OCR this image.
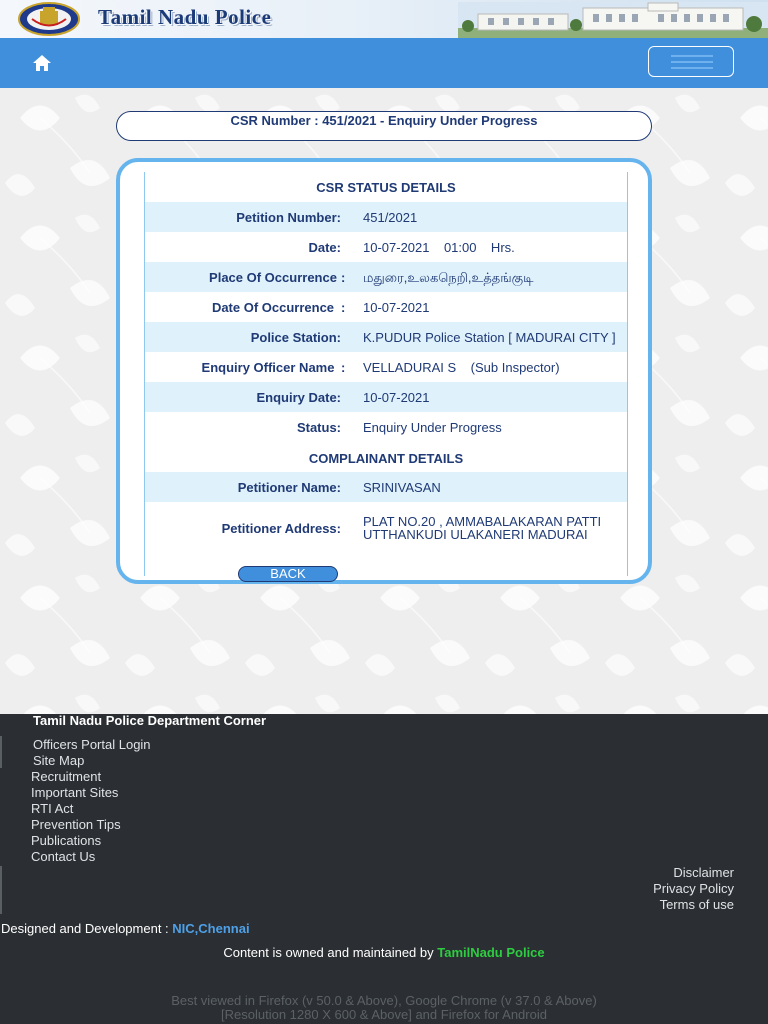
Tamil Nadu Police
CSR Number : 451/2021 - Enquiry Under Progress
CSR STATUS DETAILS
Petition Number: 451/2021
Date: 10-07-2021    01:00    Hrs.
Place Of Occurrence : மதுரை,உலகநெறி,உத்தங்குடி
Date Of Occurrence : 10-07-2021
Police Station: K.PUDUR Police Station [ MADURAI CITY ]
Enquiry Officer Name : VELLADURAI S    (Sub Inspector)
Enquiry Date: 10-07-2021
Status: Enquiry Under Progress
COMPLAINANT DETAILS
Petitioner Name: SRINIVASAN
Petitioner Address: PLAT NO.20 , AMMABALAKARAN PATTI UTTHANKUDI ULAKANERI MADURAI
BACK
Tamil Nadu Police Department Corner
Officers Portal Login
Site Map
Recruitment
Important Sites
RTI Act
Prevention Tips
Publications
Contact Us
Disclaimer
Privacy Policy
Terms of use
Designed and Development : NIC,Chennai
Content is owned and maintained by TamilNadu Police
Best viewed in Firefox (v 50.0 & Above), Google Chrome (v 37.0 & Above)
[Resolution 1280 X 600 & Above] and Firefox for Android
